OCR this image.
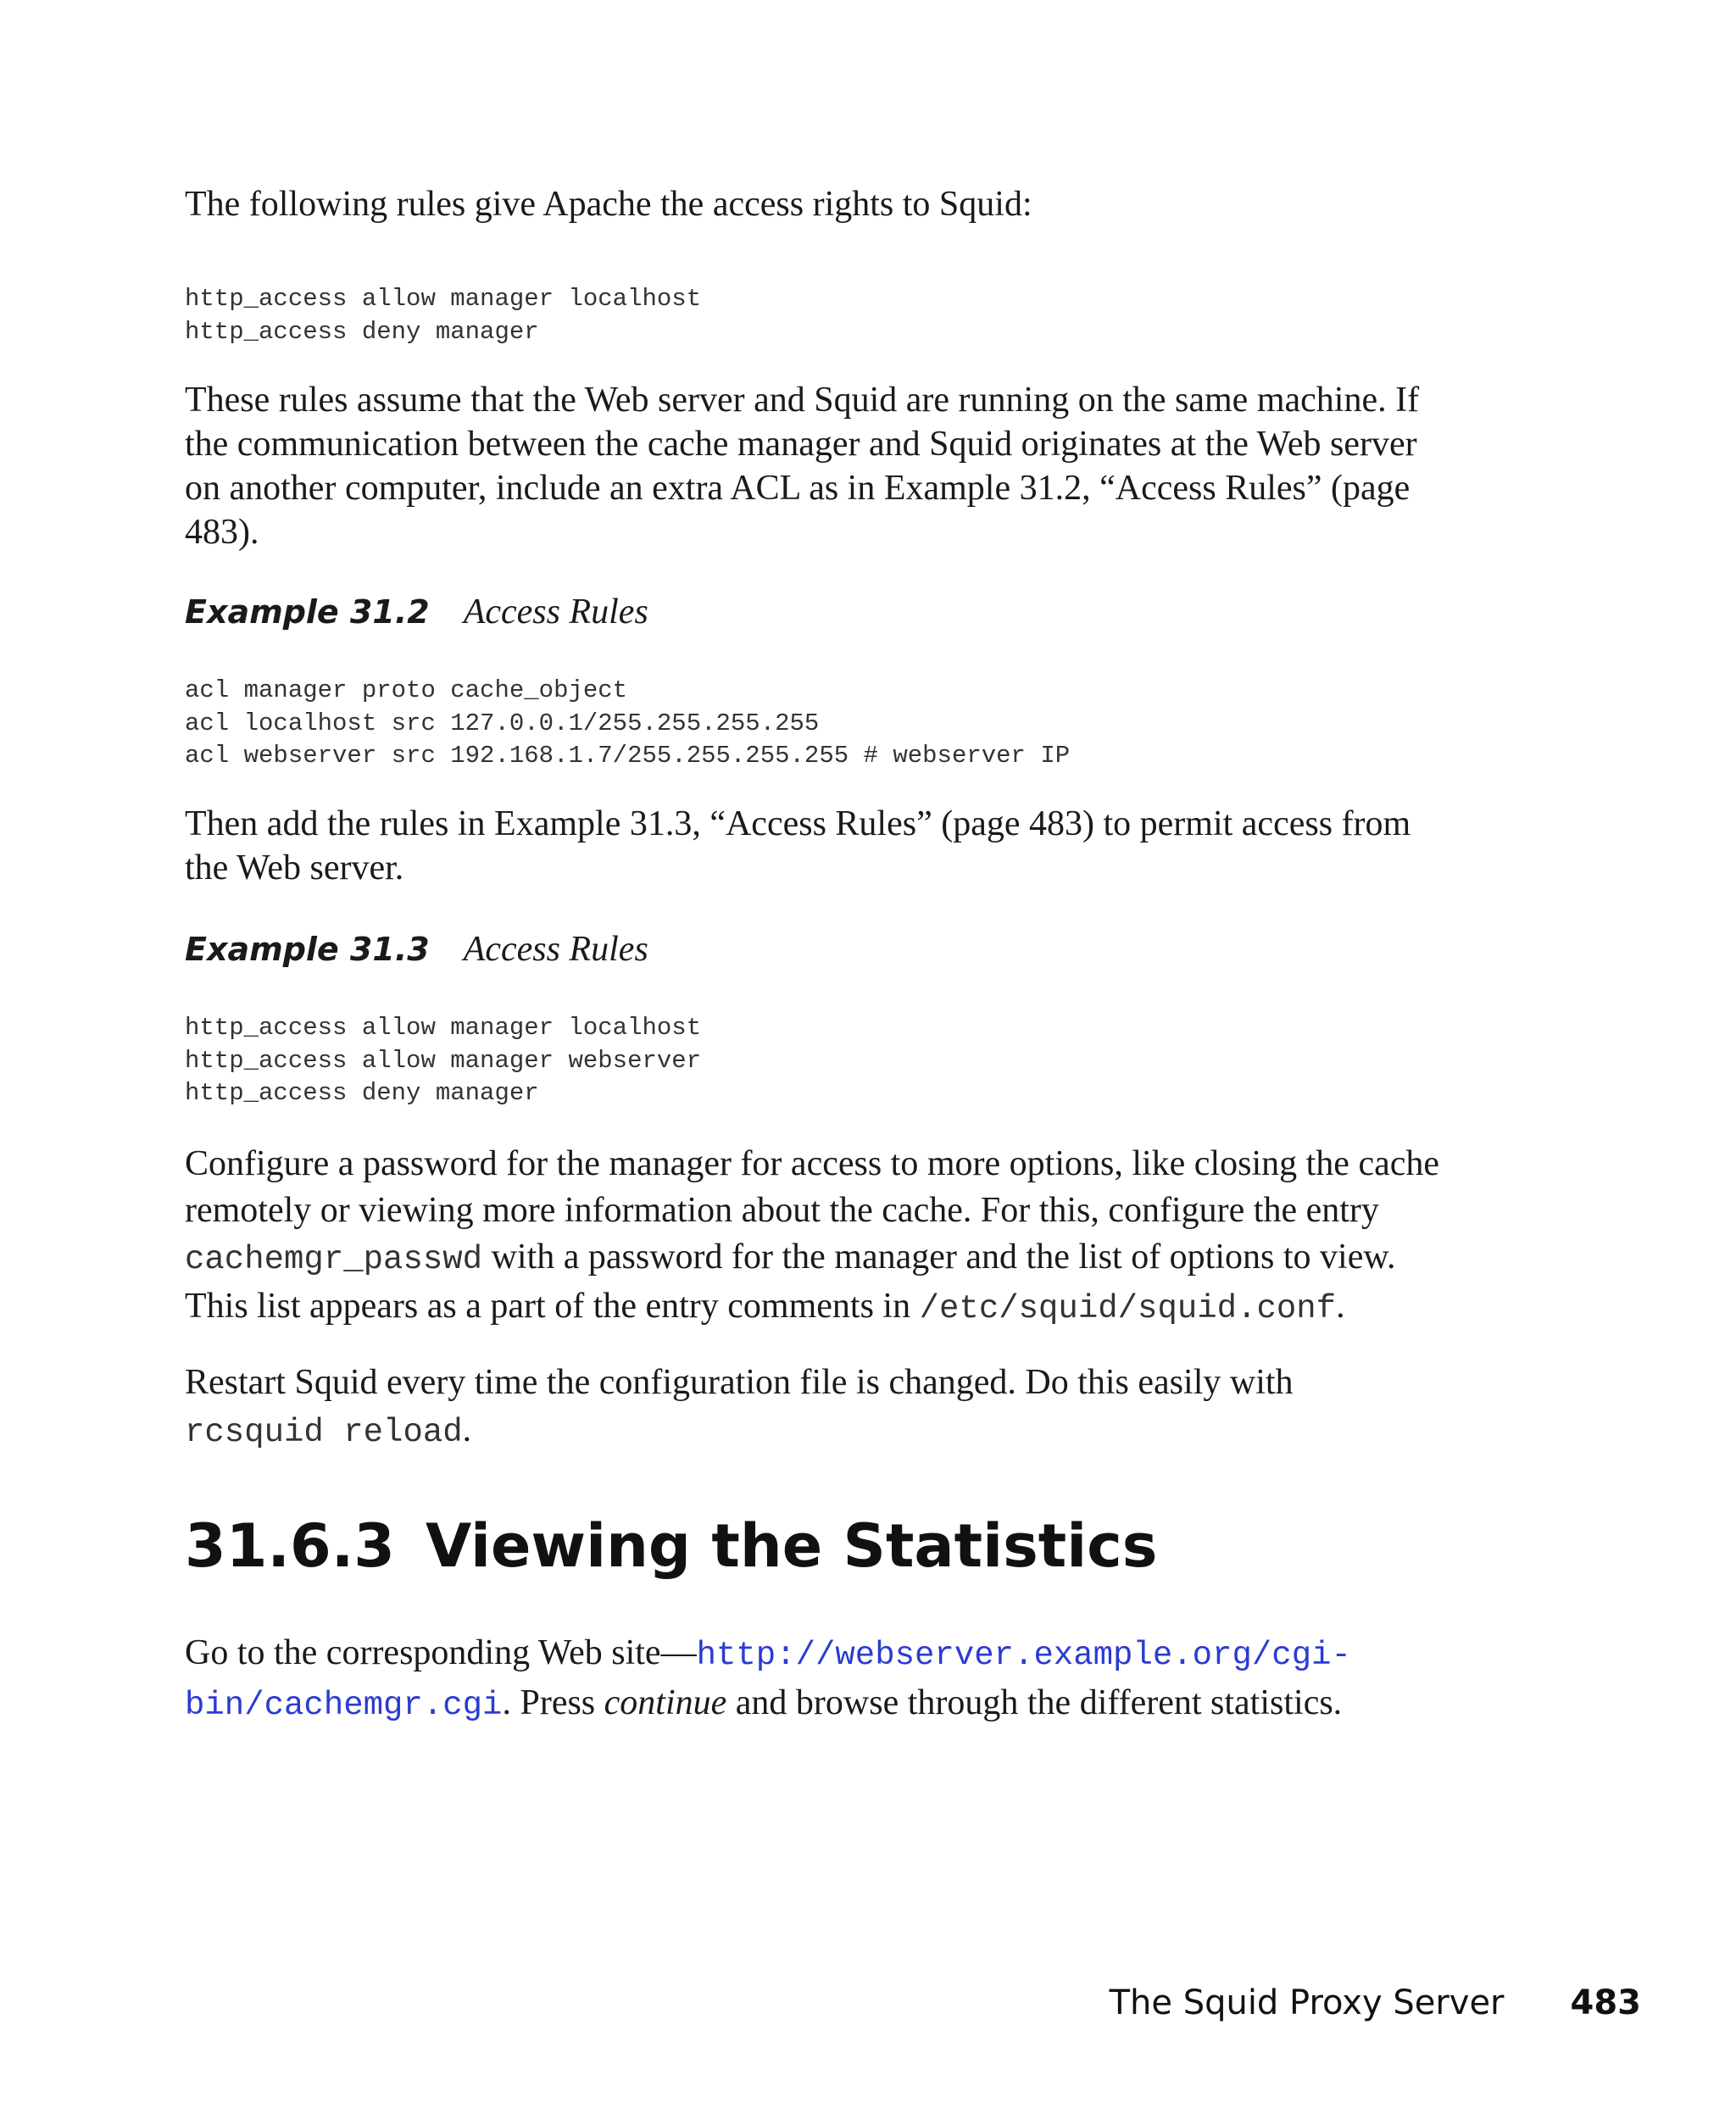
The following rules give Apache the access rights to Squid:

http_access allow manager localhost
http_access deny manager

These rules assume that the Web server and Squid are running on the same machine. If the communication between the cache manager and Squid originates at the Web server on another computer, include an extra ACL as in Example 31.2, “Access Rules” (page 483).

Example 31.2 Access Rules
acl manager proto cache_object
acl localhost src 127.0.0.1/255.255.255.255
acl webserver src 192.168.1.7/255.255.255.255 # webserver IP

Then add the rules in Example 31.3, “Access Rules” (page 483) to permit access from the Web server.

Example 31.3 Access Rules
http_access allow manager localhost
http_access allow manager webserver
http_access deny manager

Configure a password for the manager for access to more options, like closing the cache remotely or viewing more information about the cache. For this, configure the entry cachemgr_passwd with a password for the manager and the list of options to view. This list appears as a part of the entry comments in /etc/squid/squid.conf.

Restart Squid every time the configuration file is changed. Do this easily with rcsquid reload.

31.6.3 Viewing the Statistics

Go to the corresponding Web site—http://webserver.example.org/cgi-bin/cachemgr.cgi. Press continue and browse through the different statistics.

The Squid Proxy Server 483
